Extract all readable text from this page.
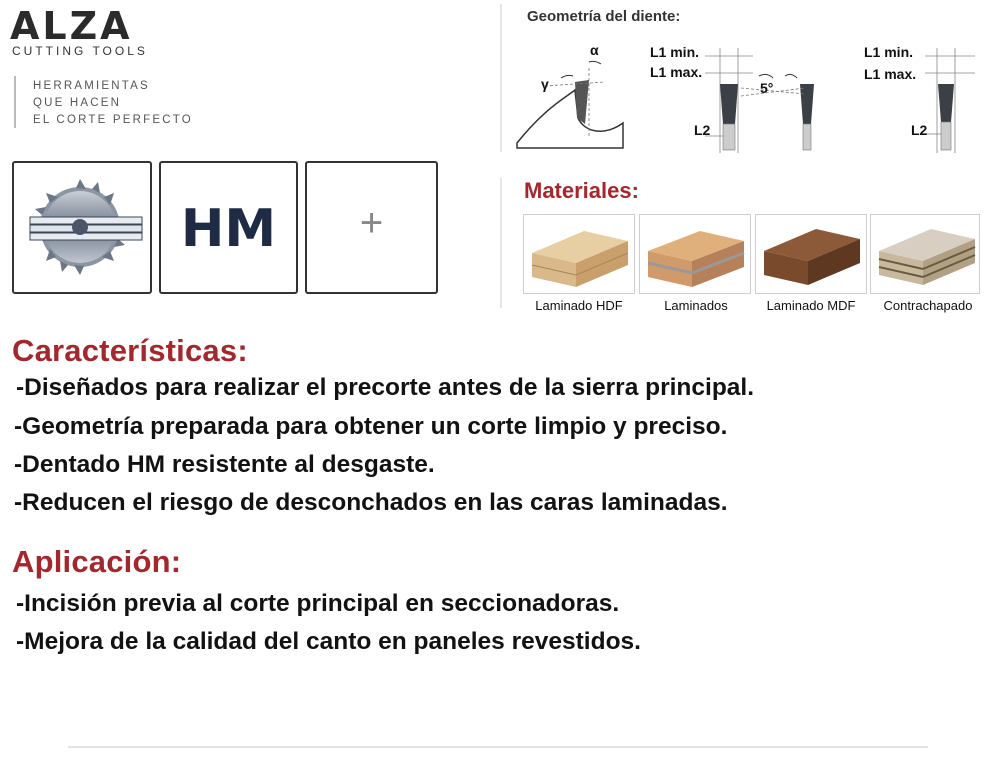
ALZA
CUTTING TOOLS
HERRAMIENTAS
QUE HACEN
EL CORTE PERFECTO
HM	+
Geometría del diente:
α
γ
L1 min.
L1 max.
5°
L2
L1 min.
L1 max.
L2
Materiales:
Laminado HDF	Laminados	Laminado MDF	Contrachapado
Características:
-Diseñados para realizar el precorte antes de la sierra principal.
-Geometría preparada para obtener un corte limpio y preciso.
-Dentado HM resistente al desgaste.
-Reducen el riesgo de desconchados en las caras laminadas.
Aplicación:
-Incisión previa al corte principal en seccionadoras.
-Mejora de la calidad del canto en paneles revestidos.
